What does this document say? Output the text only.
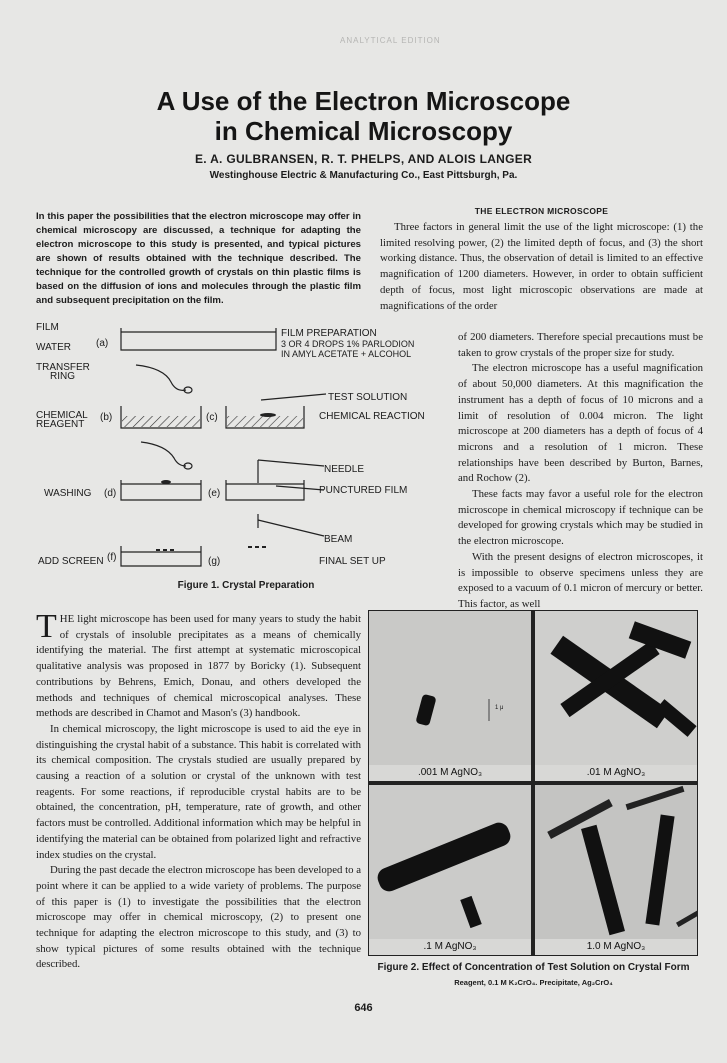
ANALYTICAL EDITION
A Use of the Electron Microscope
in Chemical Microscopy
E. A. GULBRANSEN, R. T. PHELPS, AND ALOIS LANGER
Westinghouse Electric & Manufacturing Co., East Pittsburgh, Pa.
In this paper the possibilities that the electron microscope may offer in chemical microscopy are discussed, a technique for adapting the electron microscope to this study is presented, and typical pictures are shown of results obtained with the technique described. The technique for the controlled growth of crystals on thin plastic films is based on the diffusion of ions and molecules through the plastic film and subsequent precipitation on the film.
THE ELECTRON MICROSCOPE

Three factors in general limit the use of the light microscope: (1) the limited resolving power, (2) the limited depth of focus, and (3) the short working distance. Thus, the observation of detail is limited to an effective magnification of 1200 diameters. However, in order to obtain sufficient depth of focus, most light microscopic observations are made at magnifications of the order

of 200 diameters. Therefore special precautions must be taken to grow crystals of the proper size for study.

The electron microscope has a useful magnification of about 50,000 diameters. At this magnification the instrument has a depth of focus of 10 microns and a limit of resolution of 0.004 micron. The light microscope at 200 diameters has a depth of focus of 4 microns and a resolution of 1 micron. These relationships have been described by Burton, Barnes, and Rochow (2).

These facts may favor a useful role for the electron microscope in chemical microscopy if technique can be developed for growing crystals which may be studied in the electron microscope.

With the present designs of electron microscopes, it is impossible to observe specimens unless they are exposed to a vacuum of 0.1 micron of mercury or better. This factor, as well

FILM
WATER	(a)
TRANSFER
RING
CHEMICAL
REAGENT
(b)	(c)
WASHING (d)	(e)
ADD SCREEN (f)	(g)
FILM PREPARATION
3 OR 4 DROPS 1% PARLODION
IN AMYL ACETATE + ALCOHOL
TEST SOLUTION
CHEMICAL REACTION
NEEDLE
PUNCTURED FILM
BEAM
FINAL SET UP
Figure 1. Crystal Preparation

THE light microscope has been used for many years to study the habit of crystals of insoluble precipitates as a means of chemically identifying the material. The first attempt at systematic microscopical qualitative analysis was proposed in 1877 by Boricky (1). Subsequent contributions by Behrens, Emich, Donau, and others developed the methods and techniques of chemical microscopical analyses. These methods are described in Chamot and Mason's (3) handbook.

In chemical microscopy, the light microscope is used to aid the eye in distinguishing the crystal habit of a substance. This habit is correlated with its chemical composition. The crystals studied are usually prepared by causing a reaction of a solution or crystal of the unknown with test reagents. For some reactions, if reproducible crystal habits are to be obtained, the concentration, pH, temperature, rate of growth, and other factors must be controlled. Additional information which may be helpful in identifying the material can be obtained from polarized light and refractive index studies on the crystal.

During the past decade the electron microscope has been developed to a point where it can be applied to a wide variety of problems. The purpose of this paper is (1) to investigate the possibilities that the electron microscope may offer in chemical microscopy, (2) to present one technique for adapting the electron microscope to this study, and (3) to show typical pictures of some results obtained with the technique described.

1 μ
.001 M AgNO₃	.01 M AgNO₃
.1 M AgNO₃	1.0 M AgNO₃
Figure 2. Effect of Concentration of Test Solution on Crystal Form
Reagent, 0.1 M K₂CrO₄. Precipitate, Ag₂CrO₄
646
